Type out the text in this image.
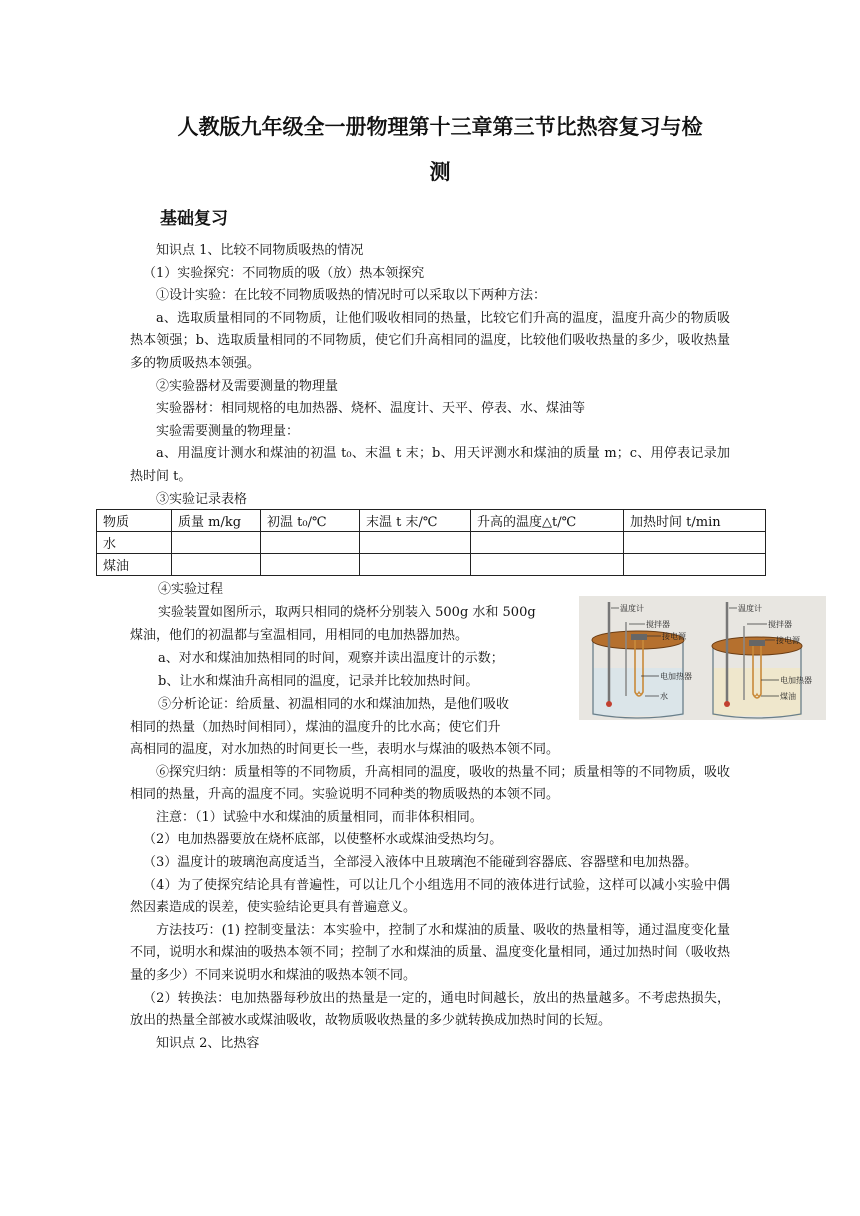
人教版九年级全一册物理第十三章第三节比热容复习与检
测
基础复习

知识点 1、比较不同物质吸热的情况

（1）实验探究：不同物质的吸（放）热本领探究

①设计实验：在比较不同物质吸热的情况时可以采取以下两种方法：

a、选取质量相同的不同物质，让他们吸收相同的热量，比较它们升高的温度，温度升高少的物质吸热本领强；b、选取质量相同的不同物质，使它们升高相同的温度，比较他们吸收热量的多少，吸收热量多的物质吸热本领强。

②实验器材及需要测量的物理量

实验器材：相同规格的电加热器、烧杯、温度计、天平、停表、水、煤油等

实验需要测量的物理量：

a、用温度计测水和煤油的初温 t₀、末温 t 末；b、用天评测水和煤油的质量 m；c、用停表记录加热时间 t。

③实验记录表格

物质	质量 m/kg	初温 t₀/℃	末温 t 末/℃	升高的温度△t/℃	加热时间 t/min
水					
煤油					
④实验过程
实验装置如图所示，取两只相同的烧杯分别装入 500g 水和 500g
煤油，他们的初温都与室温相同，用相同的电加热器加热。
a、对水和煤油加热相同的时间，观察并读出温度计的示数；
b、让水和煤油升高相同的温度，记录并比较加热时间。
⑤分析论证：给质量、初温相同的水和煤油加热，是他们吸收
相同的热量（加热时间相同），煤油的温度升的比水高；使它们升
温度计
搅拌器
接电源
电加热器
水
温度计
搅拌器
接电源
电加热器
煤油

高相同的温度，对水加热的时间更长一些，表明水与煤油的吸热本领不同。

⑥探究归纳：质量相等的不同物质，升高相同的温度，吸收的热量不同；质量相等的不同物质，吸收相同的热量，升高的温度不同。实验说明不同种类的物质吸热的本领不同。

注意：（1）试验中水和煤油的质量相同，而非体积相同。

（2）电加热器要放在烧杯底部，以使整杯水或煤油受热均匀。

（3）温度计的玻璃泡高度适当，全部浸入液体中且玻璃泡不能碰到容器底、容器壁和电加热器。

（4）为了使探究结论具有普遍性，可以让几个小组选用不同的液体进行试验，这样可以减小实验中偶然因素造成的误差，使实验结论更具有普遍意义。

方法技巧：(1) 控制变量法：本实验中，控制了水和煤油的质量、吸收的热量相等，通过温度变化量不同，说明水和煤油的吸热本领不同；控制了水和煤油的质量、温度变化量相同，通过加热时间（吸收热量的多少）不同来说明水和煤油的吸热本领不同。

（2）转换法：电加热器每秒放出的热量是一定的，通电时间越长，放出的热量越多。不考虑热损失，放出的热量全部被水或煤油吸收，故物质吸收热量的多少就转换成加热时间的长短。

知识点 2、比热容
